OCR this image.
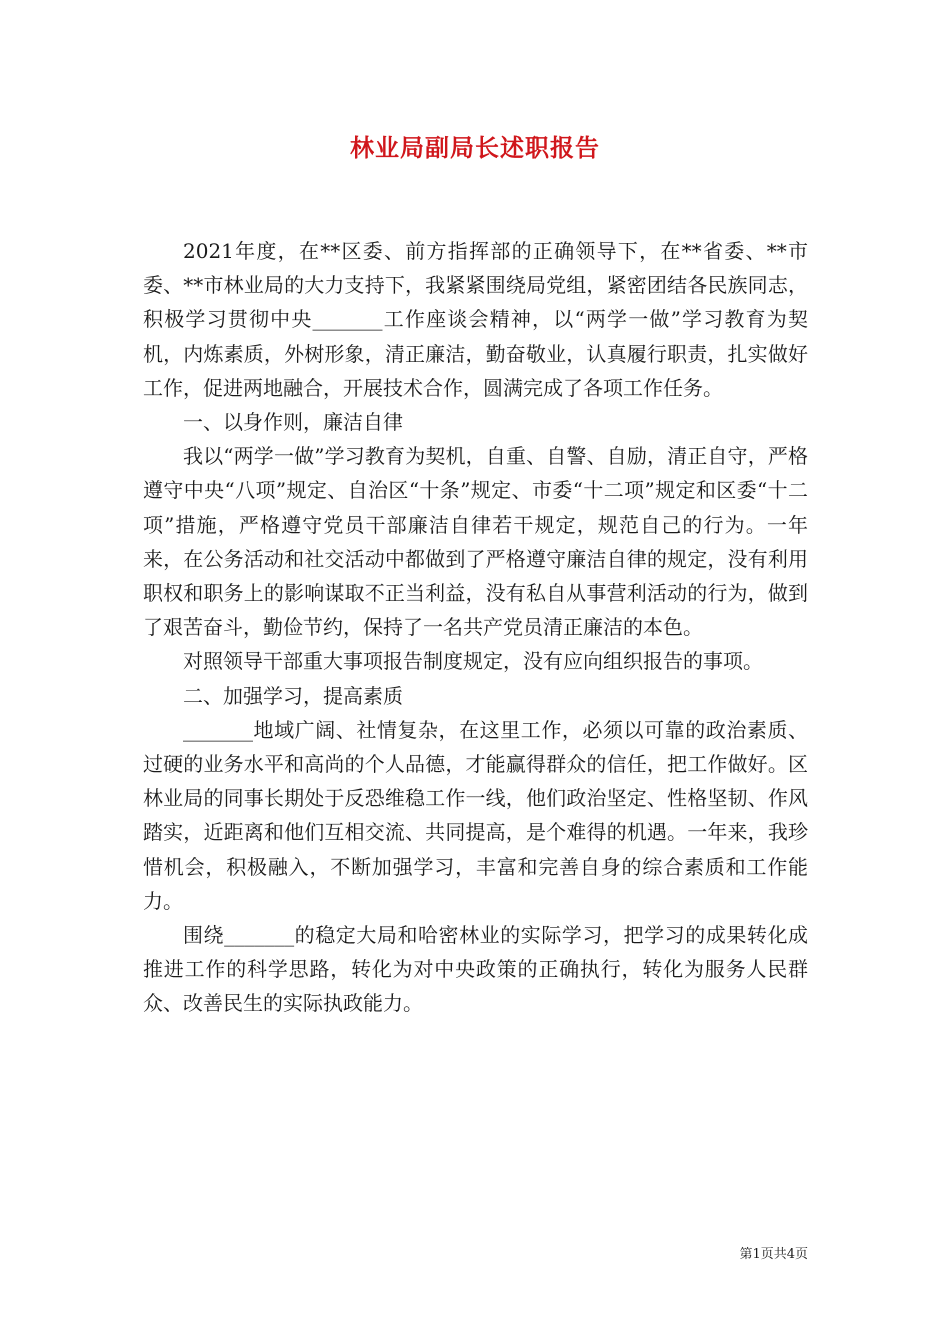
林业局副局长述职报告

2021年度，在**区委、前方指挥部的正确领导下，在**省委、**市委、**市林业局的大力支持下，我紧紧围绕局党组，紧密团结各民族同志，积极学习贯彻中央_______工作座谈会精神，以“两学一做”学习教育为契机，内炼素质，外树形象，清正廉洁，勤奋敬业，认真履行职责，扎实做好工作，促进两地融合，开展技术合作，圆满完成了各项工作任务。

一、以身作则，廉洁自律

我以“两学一做”学习教育为契机，自重、自警、自励，清正自守，严格遵守中央“八项”规定、自治区“十条”规定、市委“十二项”规定和区委“十二项”措施，严格遵守党员干部廉洁自律若干规定，规范自己的行为。一年来，在公务活动和社交活动中都做到了严格遵守廉洁自律的规定，没有利用职权和职务上的影响谋取不正当利益，没有私自从事营利活动的行为，做到了艰苦奋斗，勤俭节约，保持了一名共产党员清正廉洁的本色。

对照领导干部重大事项报告制度规定，没有应向组织报告的事项。

二、加强学习，提高素质

_______地域广阔、社情复杂，在这里工作，必须以可靠的政治素质、过硬的业务水平和高尚的个人品德，才能赢得群众的信任，把工作做好。区林业局的同事长期处于反恐维稳工作一线，他们政治坚定、性格坚韧、作风踏实，近距离和他们互相交流、共同提高，是个难得的机遇。一年来，我珍惜机会，积极融入，不断加强学习，丰富和完善自身的综合素质和工作能力。

围绕_______的稳定大局和哈密林业的实际学习，把学习的成果转化成推进工作的科学思路，转化为对中央政策的正确执行，转化为服务人民群众、改善民生的实际执政能力。

第1页共4页
